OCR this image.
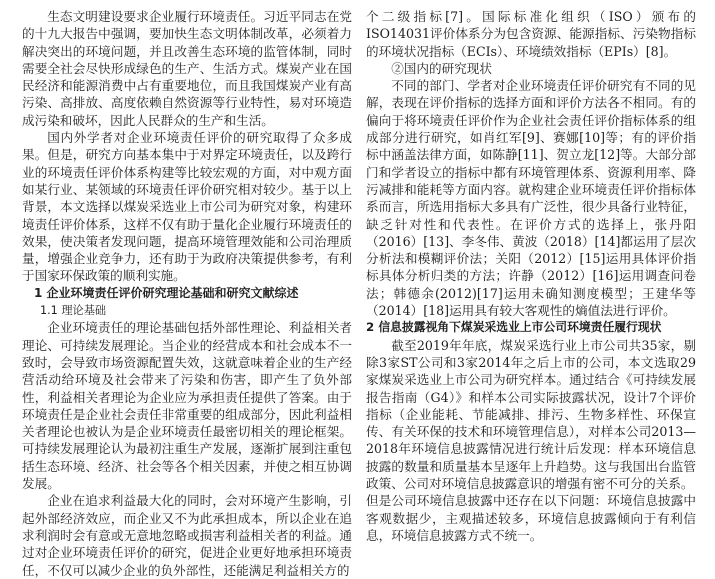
生态文明建设要求企业履行环境责任。习近平同志在党的十九大报告中强调，要加快生态文明体制改革，必须着力解决突出的环境问题，并且改善生态环境的监管体制，同时需要全社会尽快形成绿色的生产、生活方式。煤炭产业在国民经济和能源消费中占有重要地位，而且我国煤炭产业有高污染、高排放、高度依赖自然资源等行业特性，易对环境造成污染和破坏，因此人民群众的生产和生活。

国内外学者对企业环境责任评价的研究取得了众多成果。但是，研究方向基本集中于对界定环境责任，以及跨行业的环境责任评价体系构建等比较宏观的方面，对中观方面如某行业、某领域的环境责任评价研究相对较少。基于以上背景，本文选择以煤炭采选业上市公司为研究对象，构建环境责任评价体系，这样不仅有助于量化企业履行环境责任的效果，使决策者发现问题，提高环境管理效能和公司治理质量，增强企业竞争力，还有助于为政府决策提供参考，有利于国家环保政策的顺利实施。

1 企业环境责任评价研究理论基础和研究文献综述
1.1 理论基础

企业环境责任的理论基础包括外部性理论、利益相关者理论、可持续发展理论。当企业的经营成本和社会成本不一致时，会导致市场资源配置失效，这就意味着企业的生产经营活动给环境及社会带来了污染和伤害，即产生了负外部性，利益相关者理论为企业应为承担责任提供了答案。由于环境责任是企业社会责任非常重要的组成部分，因此利益相关者理论也被认为是企业环境责任最密切相关的理论框架。可持续发展理论认为最初注重生产发展，逐渐扩展到注重包括生态环境、经济、社会等各个相关因素，并使之相互协调发展。

企业在追求利益最大化的同时，会对环境产生影响，引起外部经济效应，而企业又不为此承担成本，所以企业在追求利润时会有意或无意地忽略或损害利益相关者的利益。通过对企业环境责任评价的研究，促进企业更好地承担环境责任，不仅可以减少企业的负外部性，还能满足利益相关方的

个二级指标[7]。国际标准化组织（ISO）颁布的ISO14031评价体系分为包含资源、能源指标、污染物指标的环境状况指标（ECIs）、环境绩效指标（EPIs）[8]。

②国内的研究现状

不同的部门、学者对企业环境责任评价研究有不同的见解，表现在评价指标的选择方面和评价方法各不相同。有的偏向于将环境责任评价作为企业社会责任评价指标体系的组成部分进行研究，如肖红军[9]、赛娜[10]等；有的评价指标中涵盖法律方面，如陈静[11]、贺立龙[12]等。大部分部门和学者设立的指标中都有环境管理体系、资源利用率、降污减排和能耗等方面内容。就构建企业环境责任评价指标体系而言，所选用指标大多具有广泛性，很少具备行业特征，缺乏针对性和代表性。在评价方式的选择上，张丹阳（2016）[13]、李冬伟、黄波（2018）[14]都运用了层次分析法和模糊评价法；关阳（2012）[15]运用具体评价指标具体分析归类的方法；许静（2012）[16]运用调查问卷法；韩德余(2012)[17]运用未确知测度模型；王建华等（2014）[18]运用具有较大客观性的熵值法进行评价。

2 信息披露视角下煤炭采选业上市公司环境责任履行现状

截至2019年年底，煤炭采选行业上市公司共35家，剔除3家ST公司和3家2014年之后上市的公司，本文选取29家煤炭采选业上市公司为研究样本。通过结合《可持续发展报告指南（G4）》和样本公司实际披露状况，设计7个评价指标（企业能耗、节能减排、排污、生物多样性、环保宣传、有关环保的技术和环境管理信息），对样本公司2013—2018年环境信息披露情况进行统计后发现：样本环境信息披露的数量和质量基本呈逐年上升趋势。这与我国出台监管政策、公司对环境信息披露意识的增强有密不可分的关系。

但是公司环境信息披露中还存在以下问题：环境信息披露中客观数据少，主观描述较多，环境信息披露倾向于有利信息，环境信息披露方式不统一。
